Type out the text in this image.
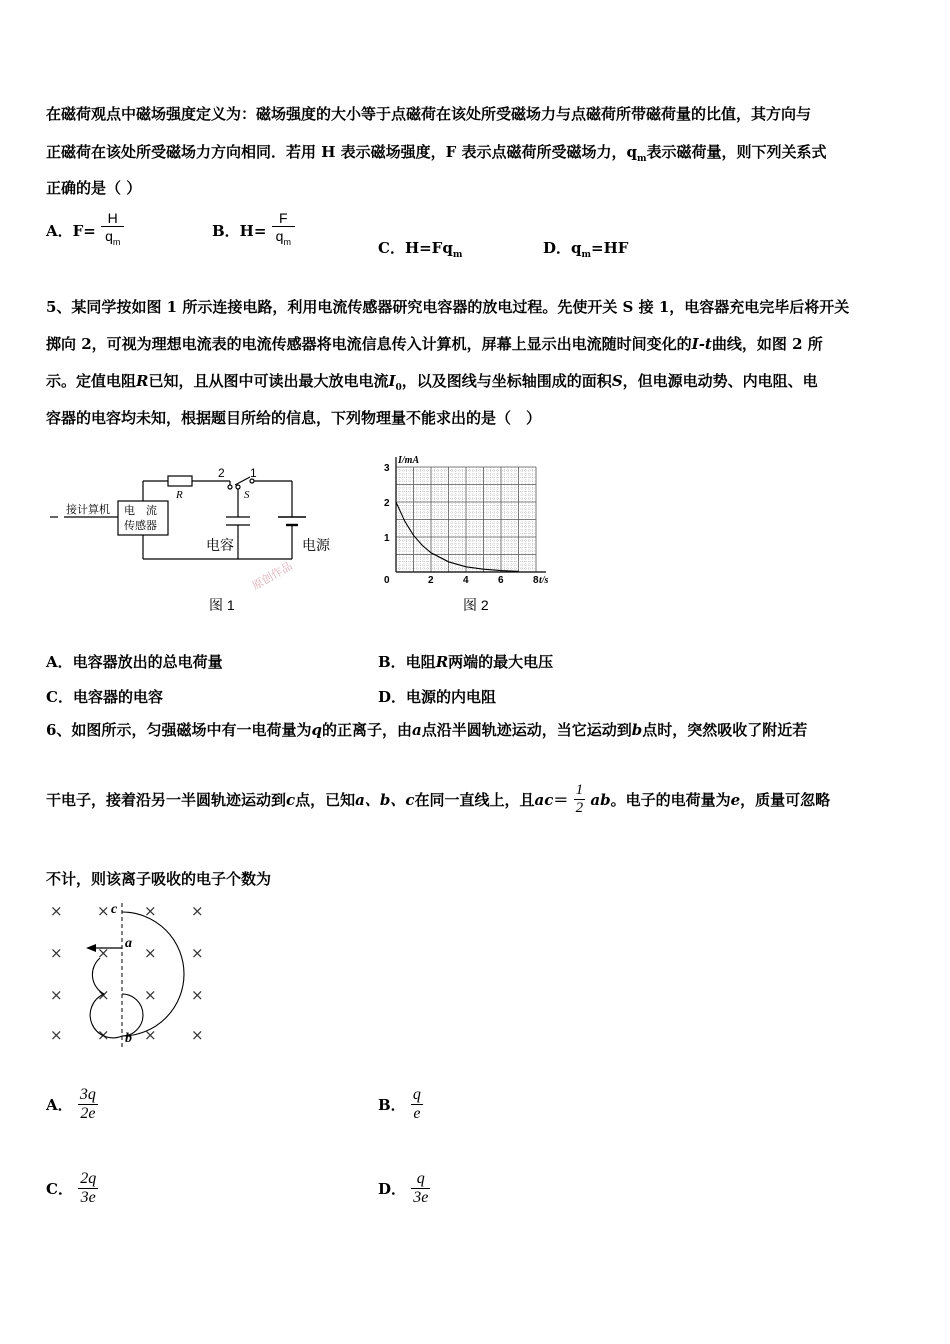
在磁荷观点中磁场强度定义为：磁场强度的大小等于点磁荷在该处所受磁场力与点磁荷所带磁荷量的比值，其方向与
正磁荷在该处所受磁场力方向相同．若用 H 表示磁场强度，F 表示点磁荷所受磁场力，$q_m$表示磁荷量，则下列关系式
正确的是（ ）
A．$F= \frac{H}{q_m}$	B．$H= \frac{F}{q_m}$	C．$H=Fq_m$	D．$q_m=HF$
5、某同学按如图 1 所示连接电路，利用电流传感器研究电容器的放电过程。先使开关 S 接 1，电容器充电完毕后将开关
掷向 2，可视为理想电流表的电流传感器将电流信息传入计算机，屏幕上显示出电流随时间变化的I-t曲线，如图 2 所
示。定值电阻R已知，且从图中可读出最大放电电流$I_0$，以及图线与坐标轴围成的面积S，但电源电动势、内电阻、电
容器的电容均未知，根据题目所给的信息，下列物理量不能求出的是（　）
接计算机 电　流
传感器
R
2 1
S
电容	电源
原创作品
图 1
0	2	4	6	8
1
2
3
I/mA
t/s
图 2
A．电容器放出的总电荷量	B．电阻R两端的最大电压
C．电容器的电容	D．电源的内电阻
6、如图所示，匀强磁场中有一电荷量为q的正离子，由a点沿半圆轨迹运动，当它运动到b点时，突然吸收了附近若
干电子，接着沿另一半圆轨迹运动到c点，已知a、b、c在同一直线上，且$ac= \frac{1}{2}$ ab。电子的电荷量为e，质量可忽略
不计，则该离子吸收的电子个数为
× × × ×
× × × ×
× × × ×
× × × ×
c
a
b
A． $\frac{3q}{2e}$	B． $\frac{q}{e}$
C． $\frac{2q}{3e}$	D． $\frac{q}{3e}$
